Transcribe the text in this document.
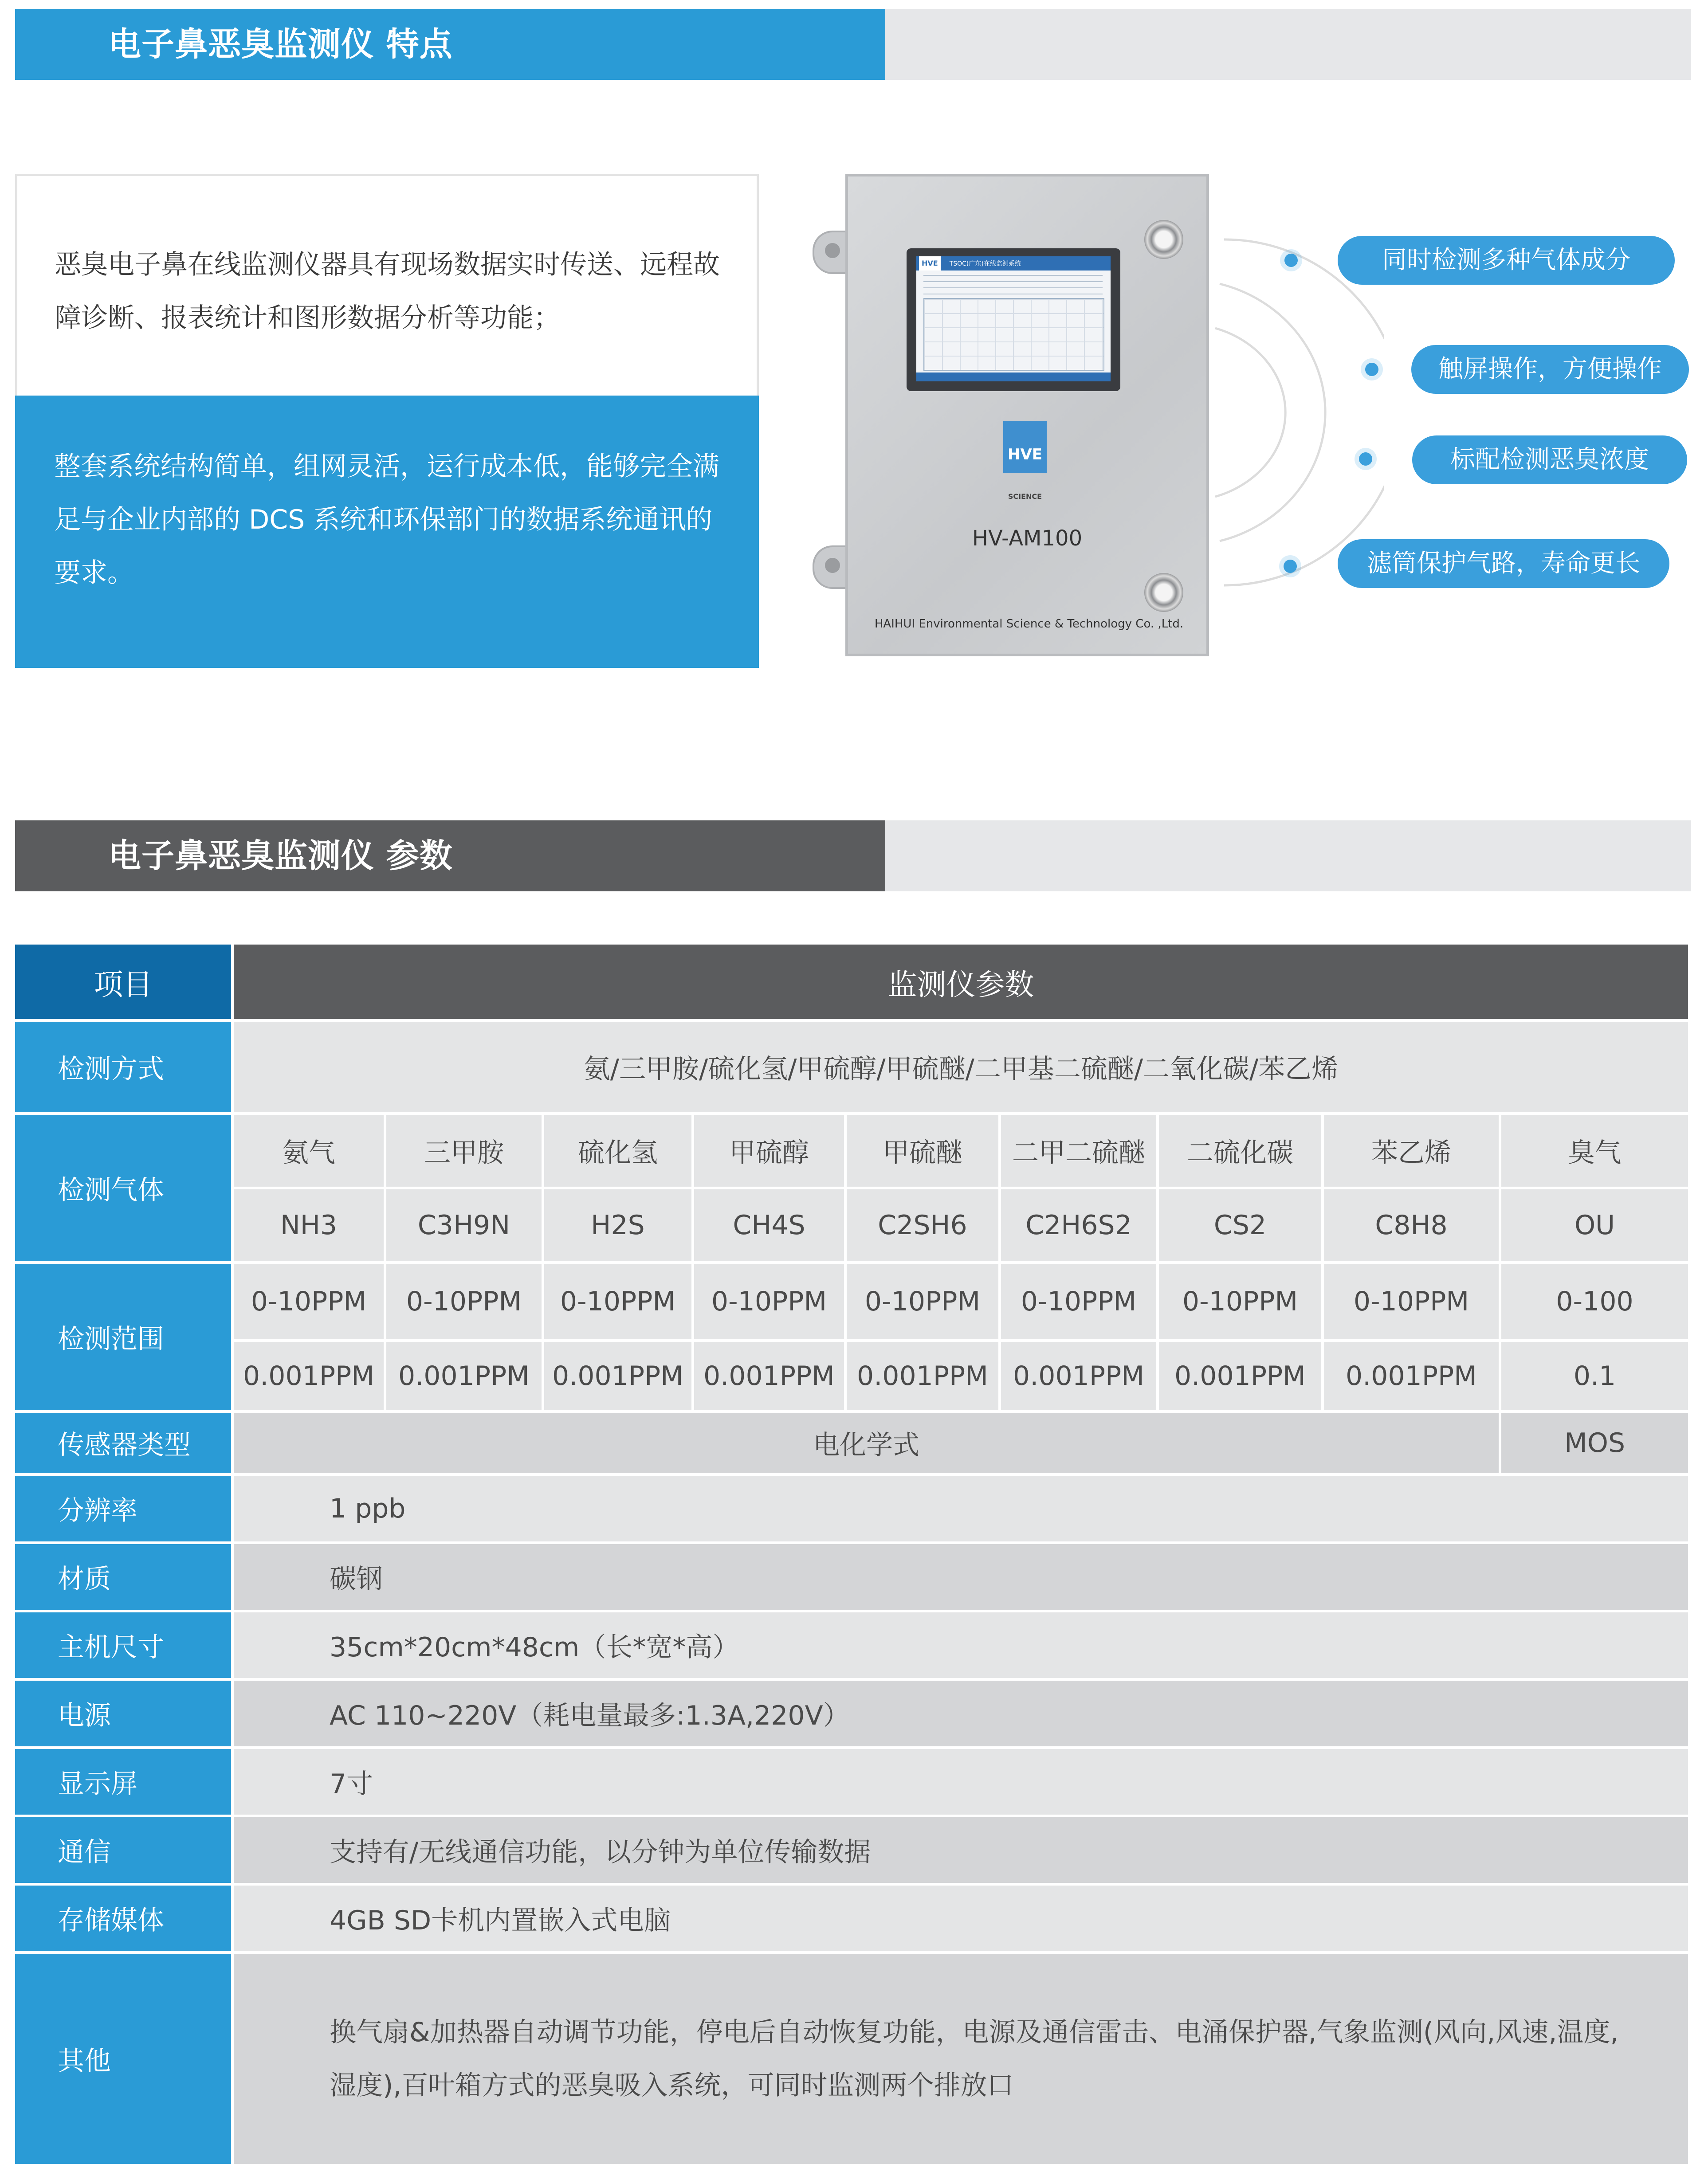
电子鼻恶臭监测仪 特点

恶臭电子鼻在线监测仪器具有现场数据实时传送、远程故障诊断、报表统计和图形数据分析等功能；

整套系统结构简单，组网灵活，运行成本低，能够完全满足与企业内部的 DCS 系统和环保部门的数据系统通讯的要求。

HVE TSOC(广东)在线监测系统
HVE
SCIENCE
HV-AM100
HAIHUI Environmental Science & Technology Co. ,Ltd.
同时检测多种气体成分
触屏操作，方便操作
标配检测恶臭浓度
滤筒保护气路，寿命更长
电子鼻恶臭监测仪 参数
项目	监测仪参数								
检测方式	氨/三甲胺/硫化氢/甲硫醇/甲硫醚/二甲基二硫醚/二氧化碳/苯乙烯								
检测气体	氨气	三甲胺	硫化氢	甲硫醇	甲硫醚	二甲二硫醚	二硫化碳	苯乙烯	臭气
	NH3	C3H9N	H2S	CH4S	C2SH6	C2H6S2	CS2	C8H8	OU
检测范围	0-10PPM	0-10PPM	0-10PPM	0-10PPM	0-10PPM	0-10PPM	0-10PPM	0-10PPM	0-100
	0.001PPM	0.001PPM	0.001PPM	0.001PPM	0.001PPM	0.001PPM	0.001PPM	0.001PPM	0.1
传感器类型	电化学式								MOS
分辨率	1 ppb								
材质	碳钢								
主机尺寸	35cm*20cm*48cm（长*宽*高）								
电源	AC 110~220V（耗电量最多:1.3A,220V）								
显示屏	7寸								
通信	支持有/无线通信功能，以分钟为单位传输数据								
存储媒体	4GB SD卡机内置嵌入式电脑								
其他	换气扇&加热器自动调节功能，停电后自动恢复功能，电源及通信雷击、电涌保护器,气象监测(风向,风速,温度,湿度),百叶箱方式的恶臭吸入系统，可同时监测两个排放口								
